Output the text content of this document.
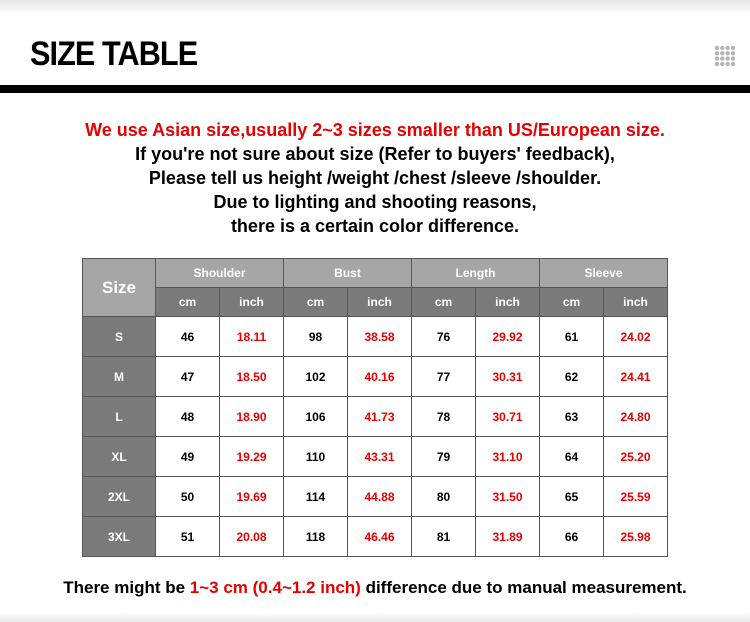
SIZE TABLE
We use Asian size,usually 2~3 sizes smaller than US/European size.
If you're not sure about size (Refer to buyers' feedback),
Please tell us height /weight /chest /sleeve /shoulder.
Due to lighting and shooting reasons,
there is a certain color difference.
Size	Shoulder		Bust		Length		Sleeve	
	cm	inch	cm	inch	cm	inch	cm	inch
S	46	18.11	98	38.58	76	29.92	61	24.02
M	47	18.50	102	40.16	77	30.31	62	24.41
L	48	18.90	106	41.73	78	30.71	63	24.80
XL	49	19.29	110	43.31	79	31.10	64	25.20
2XL	50	19.69	114	44.88	80	31.50	65	25.59
3XL	51	20.08	118	46.46	81	31.89	66	25.98
There might be 1~3 cm (0.4~1.2 inch) difference due to manual measurement.
